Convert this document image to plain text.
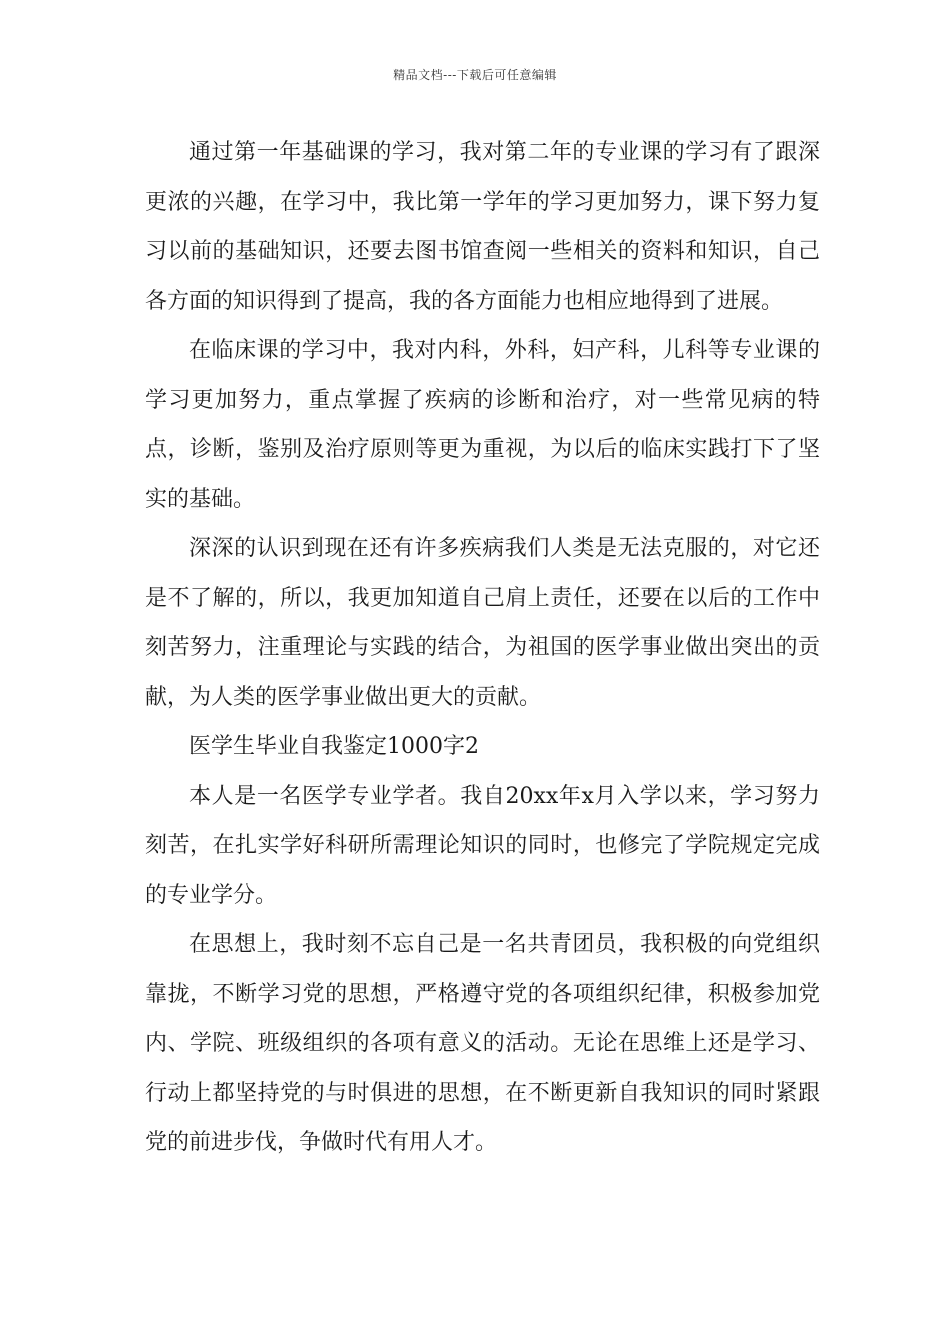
精品文档---下载后可任意编辑

通过第一年基础课的学习，我对第二年的专业课的学习有了跟深更浓的兴趣，在学习中，我比第一学年的学习更加努力，课下努力复习以前的基础知识，还要去图书馆查阅一些相关的资料和知识，自己各方面的知识得到了提高，我的各方面能力也相应地得到了进展。

在临床课的学习中，我对内科，外科，妇产科，儿科等专业课的学习更加努力，重点掌握了疾病的诊断和治疗，对一些常见病的特点，诊断，鉴别及治疗原则等更为重视，为以后的临床实践打下了坚实的基础。

深深的认识到现在还有许多疾病我们人类是无法克服的，对它还是不了解的，所以，我更加知道自己肩上责任，还要在以后的工作中刻苦努力，注重理论与实践的结合，为祖国的医学事业做出突出的贡献，为人类的医学事业做出更大的贡献。

医学生毕业自我鉴定1000字2

本人是一名医学专业学者。我自20xx年x月入学以来，学习努力刻苦，在扎实学好科研所需理论知识的同时，也修完了学院规定完成的专业学分。

在思想上，我时刻不忘自己是一名共青团员，我积极的向党组织靠拢，不断学习党的思想，严格遵守党的各项组织纪律，积极参加党内、学院、班级组织的各项有意义的活动。无论在思维上还是学习、行动上都坚持党的与时俱进的思想，在不断更新自我知识的同时紧跟党的前进步伐，争做时代有用人才。
